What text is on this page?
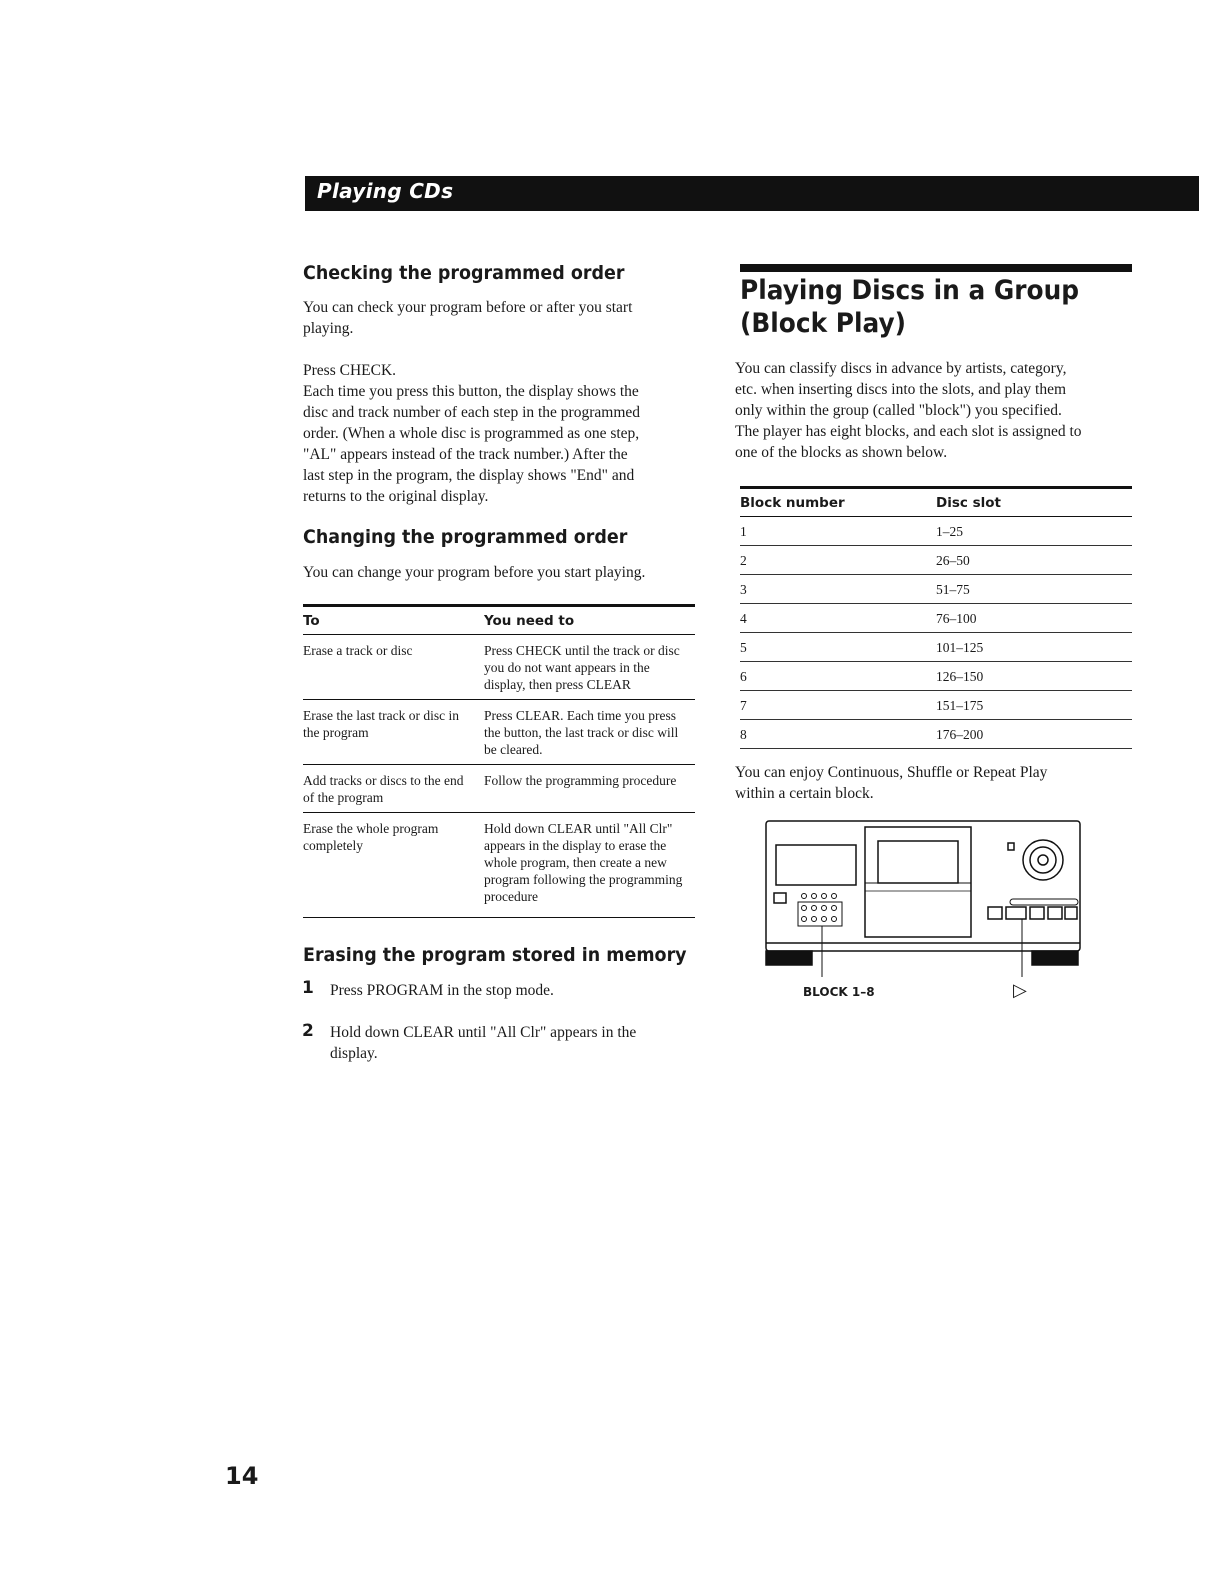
Playing CDs
Checking the programmed order

You can check your program before or after you start

playing.

Press CHECK.

Each time you press this button, the display shows the

disc and track number of each step in the programmed

order. (When a whole disc is programmed as one step,

"AL" appears instead of the track number.) After the

last step in the program, the display shows "End" and

returns to the original display.

Changing the programmed order

You can change your program before you start playing.

To	You need to
Erase a track or disc	Press CHECK until the track or disc you do not want appears in the display, then press CLEAR
Erase the last track or disc in the program	Press CLEAR. Each time you press the button, the last track or disc will be cleared.
Add tracks or discs to the end of the program	Follow the programming procedure
Erase the whole program completely	Hold down CLEAR until "All Clr" appears in the display to erase the whole program, then create a new program following the programming procedure
Erasing the program stored in memory
1 Press PROGRAM in the stop mode.

2 Hold down CLEAR until "All Clr" appears in the

display.

Playing Discs in a Group
(Block Play)

You can classify discs in advance by artists, category,

etc. when inserting discs into the slots, and play them

only within the group (called "block") you specified.

The player has eight blocks, and each slot is assigned to

one of the blocks as shown below.

Block number	Disc slot
1	1–25
2	26–50
3	51–75
4	76–100
5	101–125
6	126–150
7	151–175
8	176–200

You can enjoy Continuous, Shuffle or Repeat Play

within a certain block.

BLOCK 1–8	▷
14
